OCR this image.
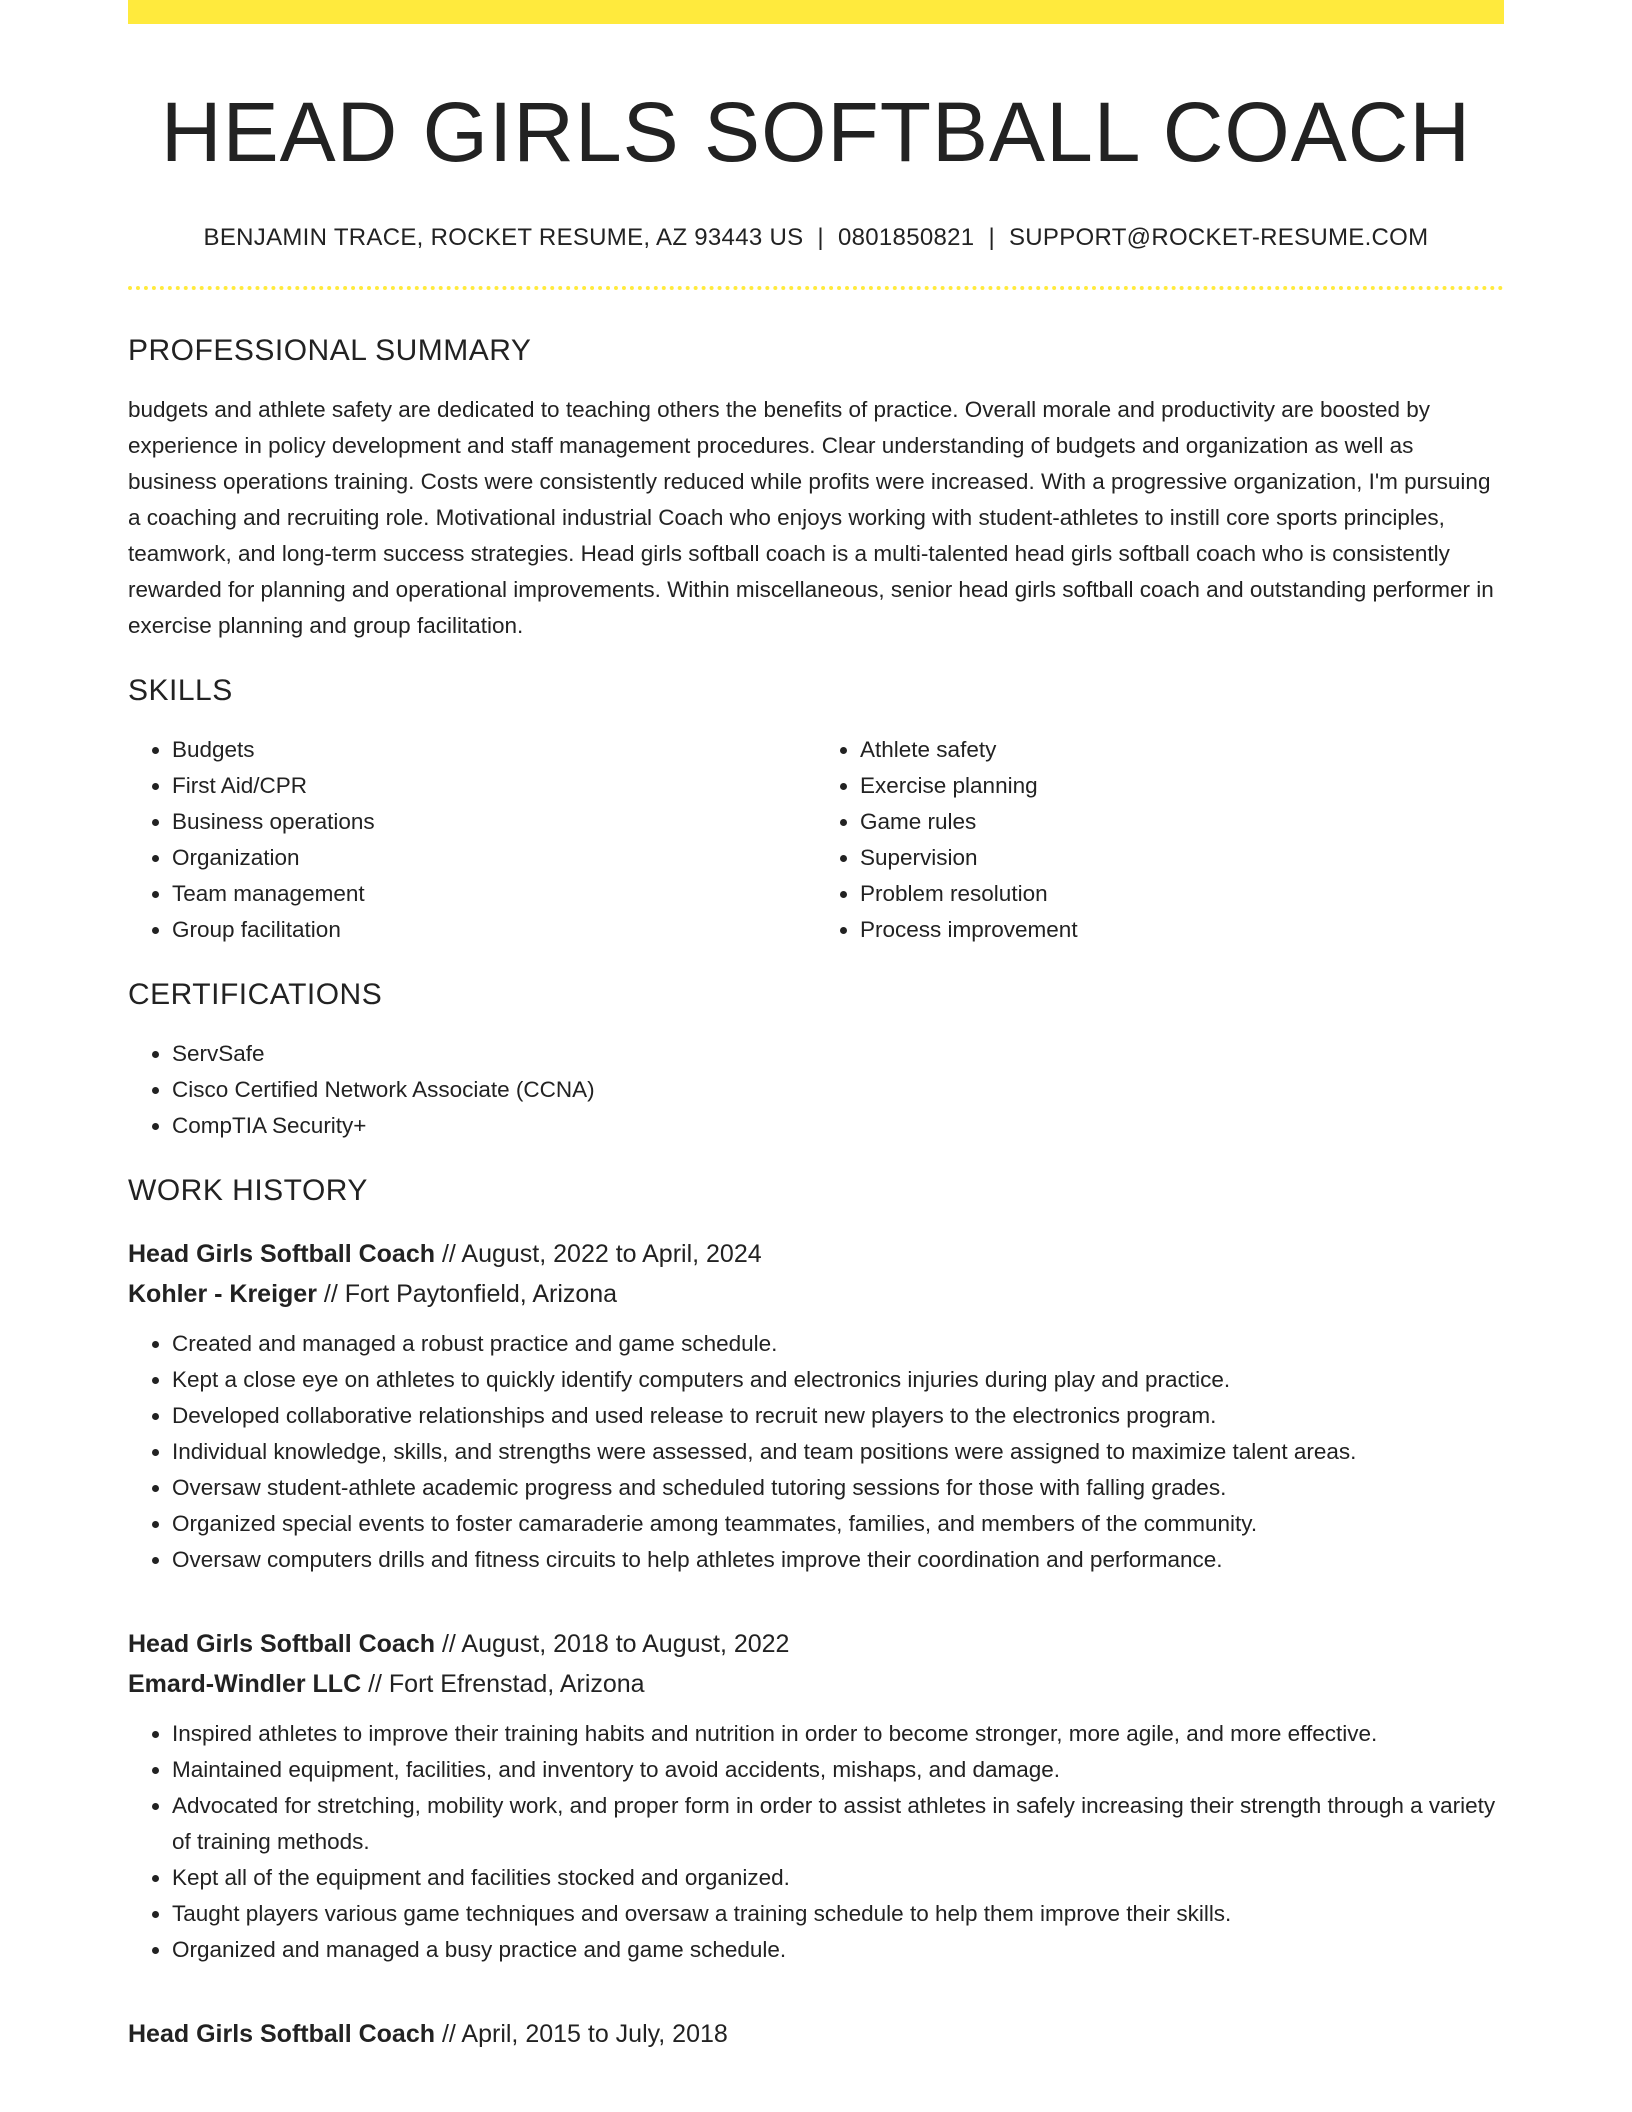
HEAD GIRLS SOFTBALL COACH
BENJAMIN TRACE, ROCKET RESUME, AZ 93443 US | 0801850821 | SUPPORT@ROCKET-RESUME.COM
PROFESSIONAL SUMMARY
budgets and athlete safety are dedicated to teaching others the benefits of practice. Overall morale and productivity are boosted by experience in policy development and staff management procedures. Clear understanding of budgets and organization as well as business operations training. Costs were consistently reduced while profits were increased. With a progressive organization, I'm pursuing a coaching and recruiting role. Motivational industrial Coach who enjoys working with student-athletes to instill core sports principles, teamwork, and long-term success strategies. Head girls softball coach is a multi-talented head girls softball coach who is consistently rewarded for planning and operational improvements. Within miscellaneous, senior head girls softball coach and outstanding performer in exercise planning and group facilitation.
SKILLS
• Budgets
• First Aid/CPR
• Business operations
• Organization
• Team management
• Group facilitation
• Athlete safety
• Exercise planning
• Game rules
• Supervision
• Problem resolution
• Process improvement
CERTIFICATIONS
• ServSafe
• Cisco Certified Network Associate (CCNA)
• CompTIA Security+
WORK HISTORY
Head Girls Softball Coach // August, 2022 to April, 2024
Kohler - Kreiger // Fort Paytonfield, Arizona
• Created and managed a robust practice and game schedule.
• Kept a close eye on athletes to quickly identify computers and electronics injuries during play and practice.
• Developed collaborative relationships and used release to recruit new players to the electronics program.
• Individual knowledge, skills, and strengths were assessed, and team positions were assigned to maximize talent areas.
• Oversaw student-athlete academic progress and scheduled tutoring sessions for those with falling grades.
• Organized special events to foster camaraderie among teammates, families, and members of the community.
• Oversaw computers drills and fitness circuits to help athletes improve their coordination and performance.
Head Girls Softball Coach // August, 2018 to August, 2022
Emard-Windler LLC // Fort Efrenstad, Arizona
• Inspired athletes to improve their training habits and nutrition in order to become stronger, more agile, and more effective.
• Maintained equipment, facilities, and inventory to avoid accidents, mishaps, and damage.
• Advocated for stretching, mobility work, and proper form in order to assist athletes in safely increasing their strength through a variety of training methods.
• Kept all of the equipment and facilities stocked and organized.
• Taught players various game techniques and oversaw a training schedule to help them improve their skills.
• Organized and managed a busy practice and game schedule.
Head Girls Softball Coach // April, 2015 to July, 2018
